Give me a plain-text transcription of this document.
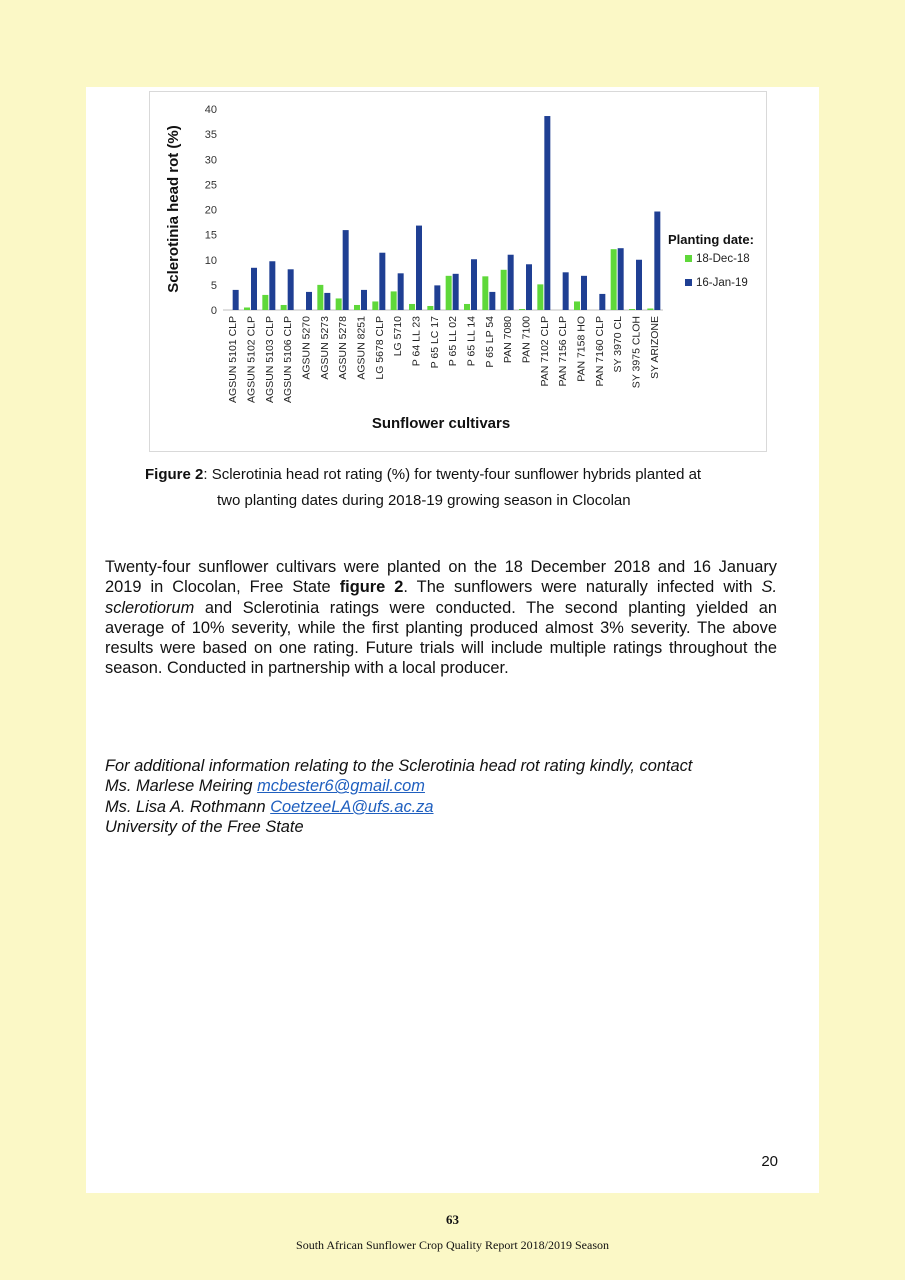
0
5
10
15
20
25
30
35
40
AGSUN 5101 CLP AGSUN 5102 CLP AGSUN 5103 CLP AGSUN 5106 CLP AGSUN 5270 AGSUN 5273 AGSUN 5278 AGSUN 8251 LG 5678 CLP LG 5710 P 64 LL 23 P 65 LC 17 P 65 LL 02 P 65 LL 14 P 65 LP 54 PAN 7080 PAN 7100 PAN 7102 CLP PAN 7156 CLP PAN 7158 HO PAN 7160 CLP SY 3970 CL SY 3975 CLOH SY ARIZONE
Sclerotinia head rot (%)
Sunflower cultivars
Planting date:
18-Dec-18
16-Jan-19
Figure 2: Sclerotinia head rot rating (%) for twenty-four sunflower hybrids planted at
two planting dates during 2018-19 growing season in Clocolan
Twenty-four sunflower cultivars were planted on the 18 December 2018 and 16 January 2019 in Clocolan, Free State figure 2. The sunflowers were naturally infected with S. sclerotiorum and Sclerotinia ratings were conducted. The second planting yielded an average of 10% severity, while the first planting produced almost 3% severity. The above results were based on one rating. Future trials will include multiple ratings throughout the season. Conducted in partnership with a local producer.
For additional information relating to the Sclerotinia head rot rating kindly, contact
Ms. Marlese Meiring mcbester6@gmail.com
Ms. Lisa A. Rothmann CoetzeeLA@ufs.ac.za
University of the Free State
20
63
South African Sunflower Crop Quality Report 2018/2019 Season
